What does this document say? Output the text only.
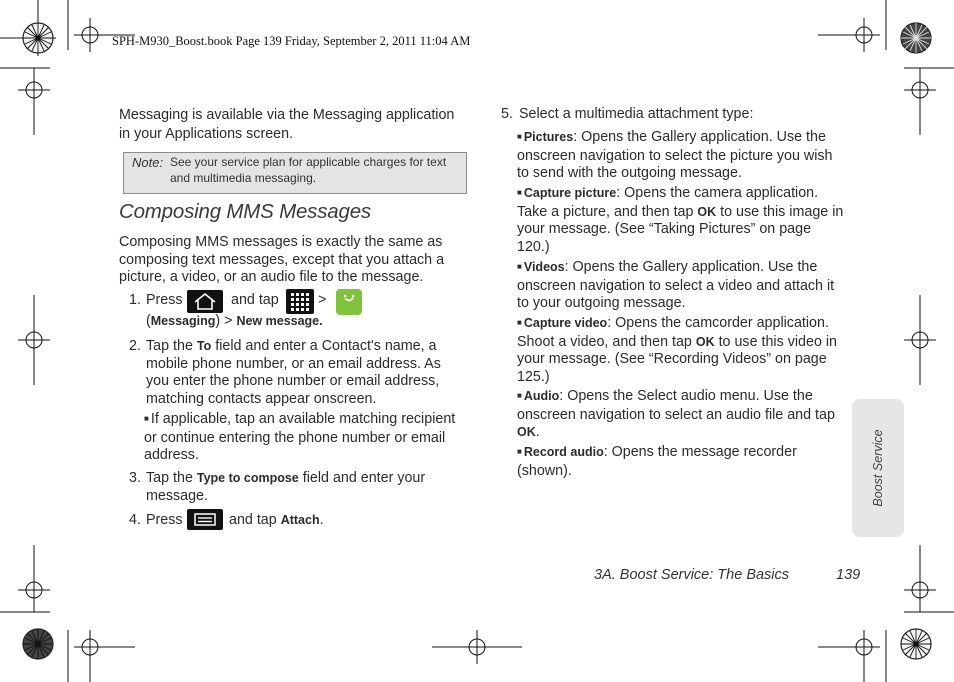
SPH-M930_Boost.book Page 139 Friday, September 2, 2011 11:04 AM
Messaging is available via the Messaging application in your Applications screen.
Note: See your service plan for applicable charges for text and multimedia messaging.
Composing MMS Messages
Composing MMS messages is exactly the same as composing text messages, except that you attach a picture, a video, or an audio file to the message.
1. Press	and tap	>
(Messaging) > New message.
2. Tap the To field and enter a Contact's name, a mobile phone number, or an email address. As you enter the phone number or email address, matching contacts appear onscreen.
■ If applicable, tap an available matching recipient or continue entering the phone number or email address.
3. Tap the Type to compose field and enter your message.
4. Press	and tap Attach.
5. Select a multimedia attachment type:
■ Pictures: Opens the Gallery application. Use the onscreen navigation to select the picture you wish to send with the outgoing message.
■ Capture picture: Opens the camera application. Take a picture, and then tap OK to use this image in your message. (See “Taking Pictures” on page 120.)
■ Videos: Opens the Gallery application. Use the onscreen navigation to select a video and attach it to your outgoing message.
■ Capture video: Opens the camcorder application. Shoot a video, and then tap OK to use this video in your message. (See “Recording Videos” on page 125.)
■ Audio: Opens the Select audio menu. Use the onscreen navigation to select an audio file and tap OK.
■ Record audio: Opens the message recorder (shown).	Boost Service
3A. Boost Service: The Basics	139
